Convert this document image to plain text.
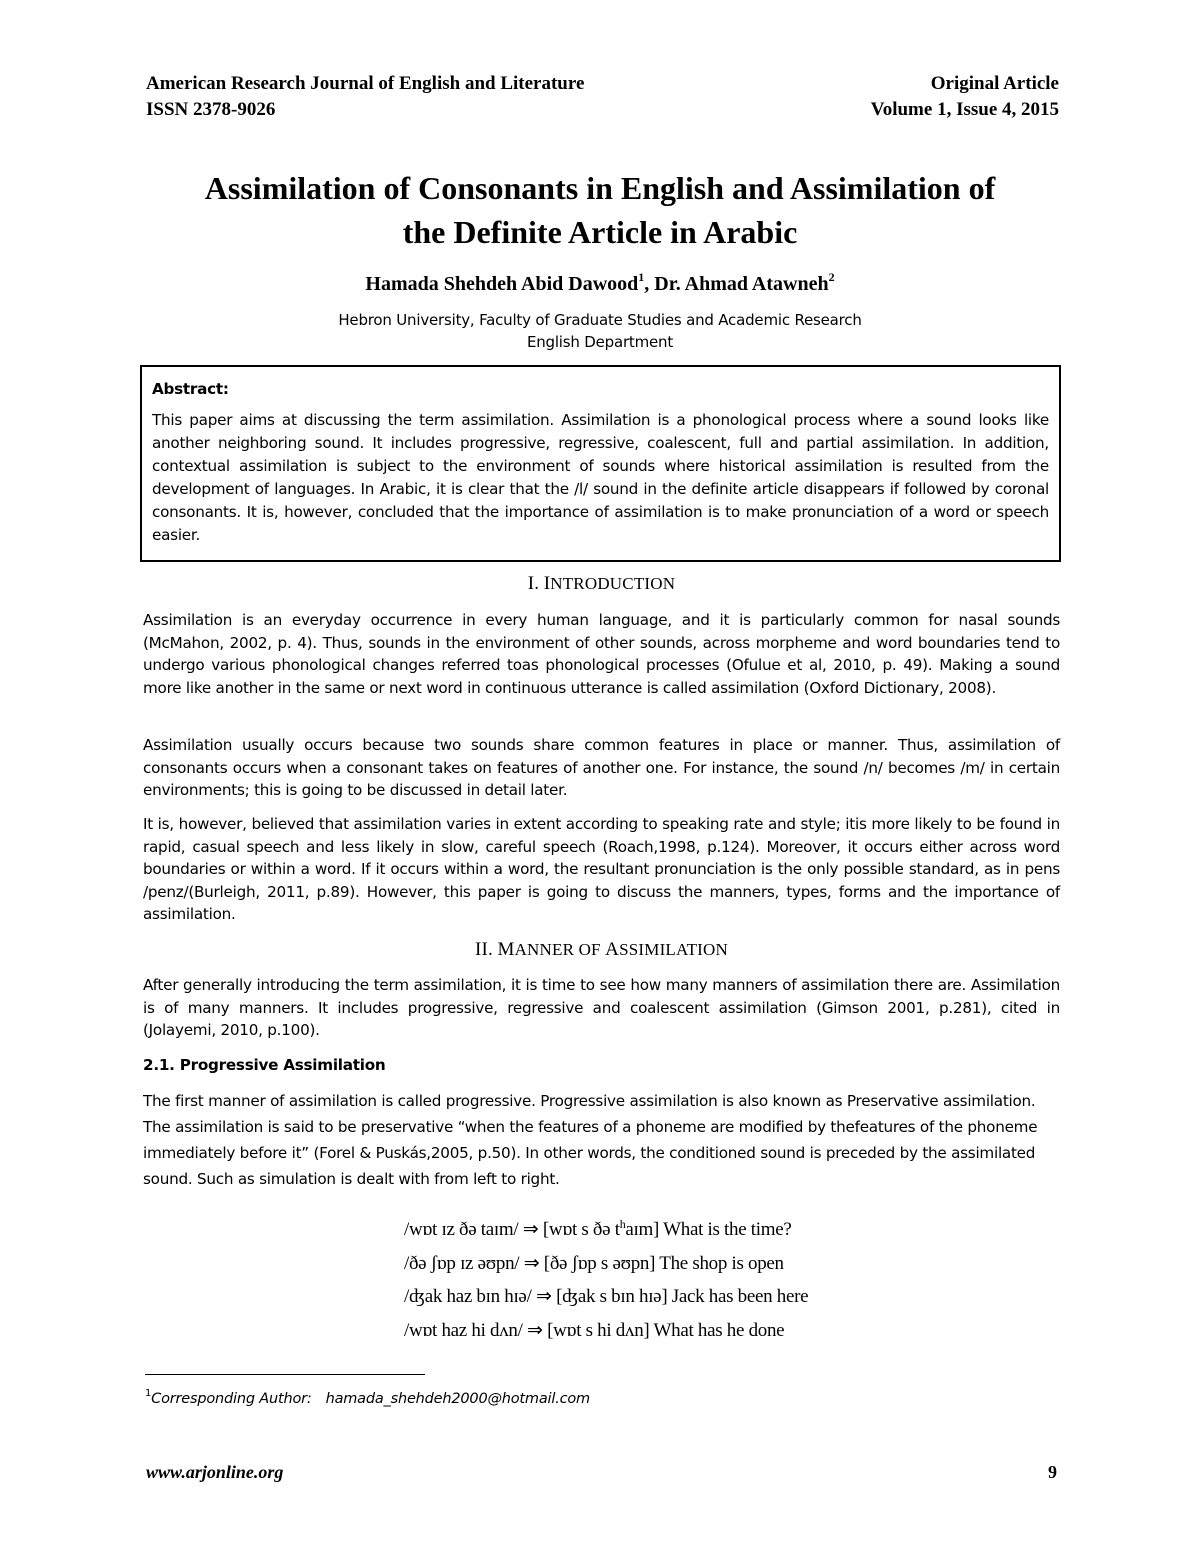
American Research Journal of English and Literature
ISSN 2378-9026
Original Article
Volume 1, Issue 4, 2015
Assimilation of Consonants in English and Assimilation of
the Definite Article in Arabic
Hamada Shehdeh Abid Dawood$^1$, Dr. Ahmad Atawneh$^2$
Hebron University, Faculty of Graduate Studies and Academic Research
English Department
Abstract:
This paper aims at discussing the term assimilation. Assimilation is a phonological process where a sound looks like another neighboring sound. It includes progressive, regressive, coalescent, full and partial assimilation. In addition, contextual assimilation is subject to the environment of sounds where historical assimilation is resulted from the development of languages. In Arabic, it is clear that the /l/ sound in the definite article disappears if followed by coronal consonants. It is, however, concluded that the importance of assimilation is to make pronunciation of a word or speech easier.
I. INTRODUCTION

Assimilation is an everyday occurrence in every human language, and it is particularly common for nasal sounds (McMahon, 2002, p. 4). Thus, sounds in the environment of other sounds, across morpheme and word boundaries tend to undergo various phonological changes referred toas phonological processes (Ofulue et al, 2010, p. 49). Making a sound more like another in the same or next word in continuous utterance is called assimilation (Oxford Dictionary, 2008).

Assimilation usually occurs because two sounds share common features in place or manner. Thus, assimilation of consonants occurs when a consonant takes on features of another one. For instance, the sound /n/ becomes /m/ in certain environments; this is going to be discussed in detail later.

It is, however, believed that assimilation varies in extent according to speaking rate and style; itis more likely to be found in rapid, casual speech and less likely in slow, careful speech (Roach,1998, p.124). Moreover, it occurs either across word boundaries or within a word. If it occurs within a word, the resultant pronunciation is the only possible standard, as in pens /penz/(Burleigh, 2011, p.89). However, this paper is going to discuss the manners, types, forms and the importance of assimilation.

II. MANNER OF ASSIMILATION

After generally introducing the term assimilation, it is time to see how many manners of assimilation there are. Assimilation is of many manners. It includes progressive, regressive and coalescent assimilation (Gimson 2001, p.281), cited in (Jolayemi, 2010, p.100).

2.1. Progressive Assimilation

The first manner of assimilation is called progressive. Progressive assimilation is also known as Preservative assimilation. The assimilation is said to be preservative “when the features of a phoneme are modified by thefeatures of the phoneme immediately before it” (Forel & Puskás,2005, p.50). In other words, the conditioned sound is preceded by the assimilated sound. Such as simulation is dealt with from left to right.

/wɒt ɪz ðə taɪm/ ⇒ [wɒt s ðə $t^haɪm$] What is the time?
/ðə ʃɒp ɪz əʊpn/ ⇒ [ðə ʃɒp s əʊpn] The shop is open
/ʤak haz bɪn hɪə/ ⇒ [ʤak s bɪn hɪə] Jack has been here
/wɒt haz hi dʌn/ ⇒ [wɒt s hi dʌn] What has he done
$^1$Corresponding Author: hamada_shehdeh2000@hotmail.com
www.arjonline.org	9
